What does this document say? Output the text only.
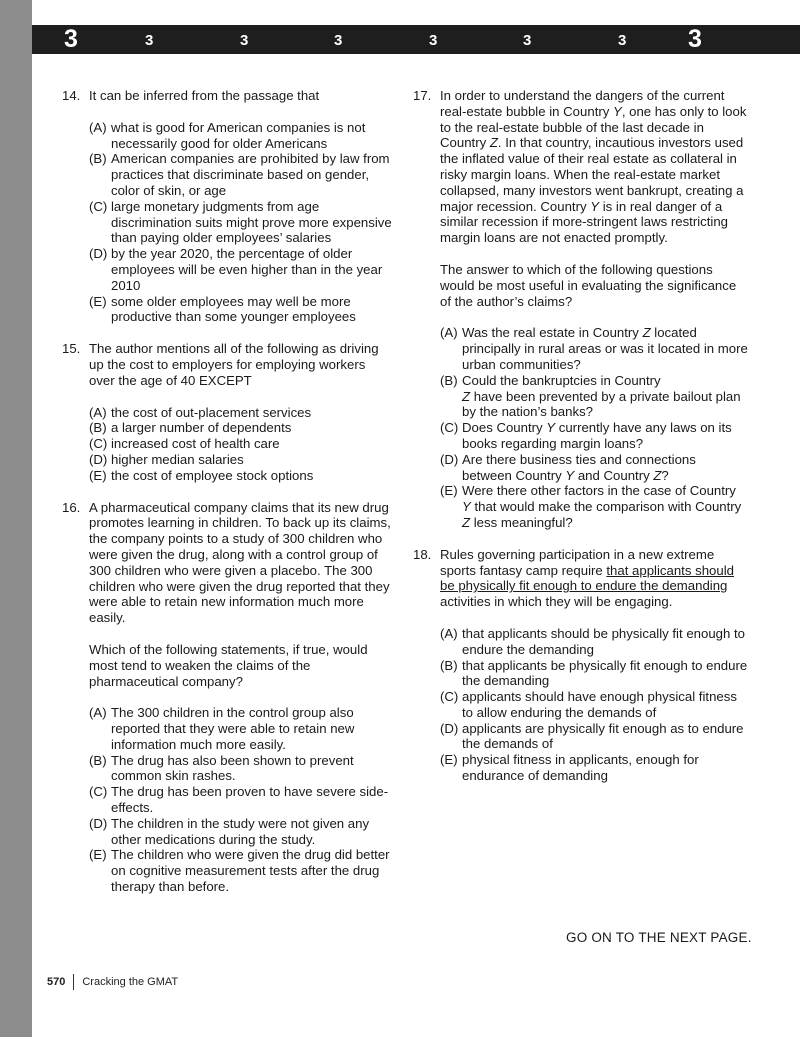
3	3	3	3	3	3	3 3
14. It can be inferred from the passage that

(A) what is good for American companies is not necessarily good for older Americans
(B) American companies are prohibited by law from practices that discriminate based on gender, color of skin, or age
(C) large monetary judgments from age discrimination suits might prove more expensive than paying older employees’ salaries
(D) by the year 2020, the percentage of older employees will be even higher than in the year 2010
(E) some older employees may well be more productive than some younger employees
15. The author mentions all of the following as driving up the cost to employers for employing workers over the age of 40 EXCEPT

(A) the cost of out-placement services
(B) a larger number of dependents
(C) increased cost of health care
(D) higher median salaries
(E) the cost of employee stock options
16. A pharmaceutical company claims that its new drug promotes learning in children. To back up its claims, the company points to a study of 300 children who were given the drug, along with a control group of 300 children who were given a placebo. The 300 children who were given the drug reported that they were able to retain new information much more easily.

Which of the following statements, if true, would most tend to weaken the claims of the pharmaceutical company?

(A) The 300 children in the control group also reported that they were able to retain new information much more easily.
(B) The drug has also been shown to prevent common skin rashes.
(C) The drug has been proven to have severe side-effects.
(D) The children in the study were not given any other medications during the study.
(E) The children who were given the drug did better on cognitive measurement tests after the drug therapy than before.
17. In order to understand the dangers of the current real-estate bubble in Country Y, one has only to look to the real-estate bubble of the last decade in Country Z. In that country, incautious investors used the inflated value of their real estate as collateral in risky margin loans. When the real-estate market collapsed, many investors went bankrupt, creating a major recession. Country Y is in real danger of a similar recession if more-stringent laws restricting margin loans are not enacted promptly.

The answer to which of the following questions would be most useful in evaluating the significance of the author’s claims?

(A) Was the real estate in Country Z located principally in rural areas or was it located in more urban communities?
(B) Could the bankruptcies in Country
Z have been prevented by a private bailout plan by the nation’s banks?
(C) Does Country Y currently have any laws on its books regarding margin loans?
(D) Are there business ties and connections between Country Y and Country Z?
(E) Were there other factors in the case of Country Y that would make the comparison with Country Z less meaningful?
18. Rules governing participation in a new extreme sports fantasy camp require that applicants should be physically fit enough to endure the demanding activities in which they will be engaging.

(A) that applicants should be physically fit enough to endure the demanding
(B) that applicants be physically fit enough to endure the demanding
(C) applicants should have enough physical fitness to allow enduring the demands of
(D) applicants are physically fit enough as to endure the demands of
(E) physical fitness in applicants, enough for endurance of demanding
GO ON TO THE NEXT PAGE.
570 Cracking the GMAT
